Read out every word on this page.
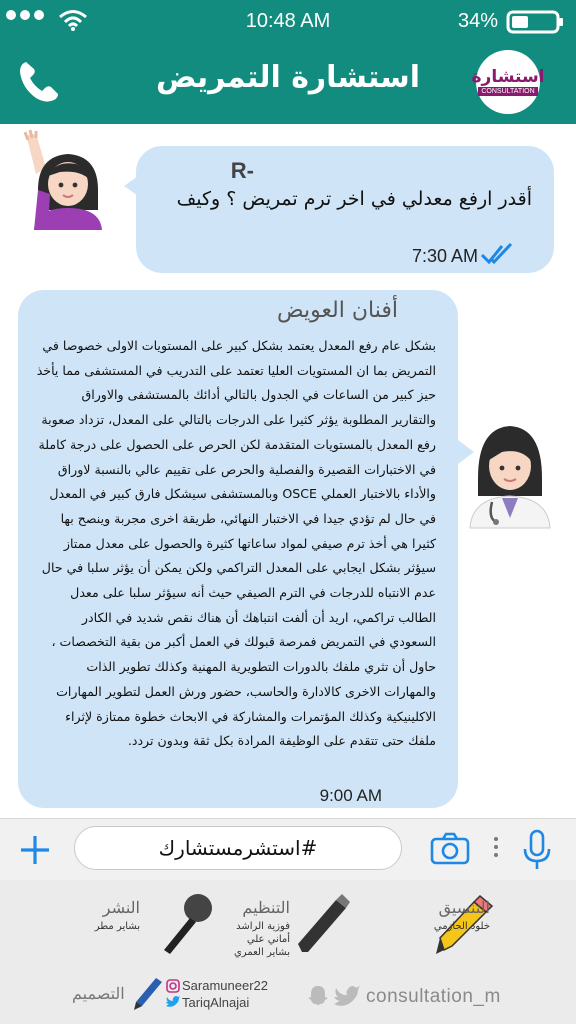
10:48 AM	34%
استشارة التمريض	استشارة
CONSULTATION
R-
أقدر ارفع معدلي في اخر ترم تمريض ؟ وكيف
7:30 AM
أفنان العويض
بشكل عام رفع المعدل يعتمد بشكل كبير على المستويات الاولى خصوصا في التمريض بما ان المستويات العليا تعتمد على التدريب في المستشفى مما يأخذ حيز كبير من الساعات في الجدول بالتالي أدائك بالمستشفى والاوراق والتقارير المطلوبة يؤثر كثيرا على الدرجات بالتالي على المعدل، تزداد صعوبة رفع المعدل بالمستويات المتقدمة لكن الحرص على الحصول على درجة كاملة في الاختبارات القصيرة والفصلية والحرص على تقييم عالي بالنسبة لاوراق والأداء بالاختبار العملي OSCE وبالمستشفى سيشكل فارق كبير في المعدل في حال لم تؤدي جيدا في الاختبار النهائي، طريقة اخرى مجربة وينصح بها كثيرا هي أخذ ترم صيفي لمواد ساعاتها كثيرة والحصول على معدل ممتاز سيؤثر بشكل ايجابي على المعدل التراكمي ولكن يمكن أن يؤثر سلبا في حال عدم الانتباه للدرجات في الترم الصيفي حيث أنه سيؤثر سلبا على معدل الطالب تراكمي، اريد أن ألفت انتباهك أن هناك نقص شديد في الكادر السعودي في التمريض فمرصة قبولك في العمل أكبر من بقية التخصصات ، حاول أن تثري ملفك بالدورات التطويرية المهنية وكذلك تطوير الذات والمهارات الاخرى كالادارة والحاسب، حضور ورش العمل لتطوير المهارات الاكلينيكية وكذلك المؤتمرات والمشاركة في الابحاث خطوة ممتازة لإثراء ملفك حتى تتقدم على الوظيفة المرادة بكل ثقة وبدون تردد.
9:00 AM
#استشرمستشارك
التنسيق
خلود الحازمي
التنظيم
فوزية الراشد
أماني علي
بشاير العمري
النشر
بشاير مطر
التصميم	Saramuneer22
TariqAlnajai	consultation_m
